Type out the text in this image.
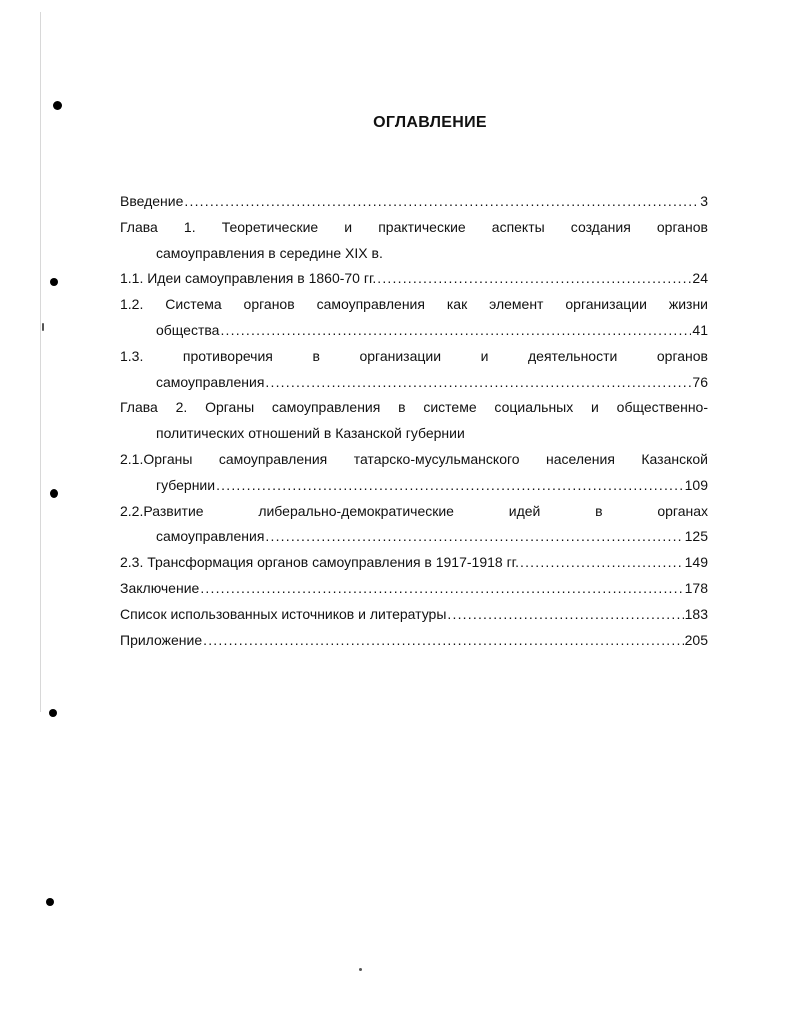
ОГЛАВЛЕНИЕ
Введение .....	3
Глава 1. Теоретические и практические аспекты создания органов
самоуправления в середине XIX в.
1.1. Идеи самоуправления в 1860-70 гг. .....	24
1.2. Система органов самоуправления как элемент организации жизни
общества .....	41
1.3. противоречия в организации и деятельности органов
самоуправления .....	76
Глава 2. Органы самоуправления в системе социальных и общественно-
политических отношений в Казанской губернии
2.1.Органы самоуправления татарско-мусульманского населения Казанской
губернии .....	109
2.2.Развитие либерально-демократические идей в органах
самоуправления .....	125
2.3. Трансформация органов самоуправления в 1917-1918 гг. .....	149
Заключение .....	178
Список использованных источников и литературы .....	183
Приложение .....	205
